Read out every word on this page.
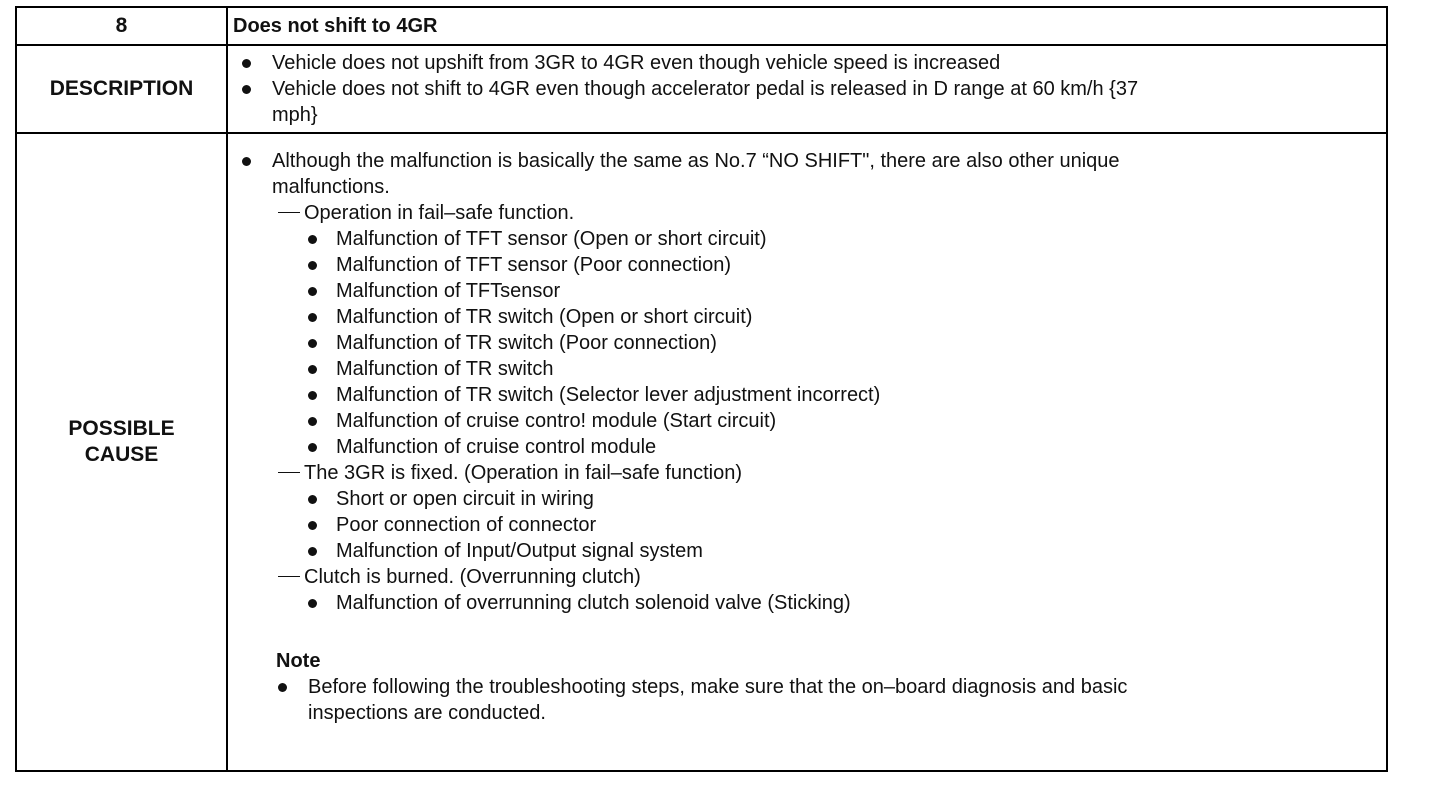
8	Does not shift to 4GR
DESCRIPTION
Vehicle does not upshift from 3GR to 4GR even though vehicle speed is increased
Vehicle does not shift to 4GR even though accelerator pedal is released in D range at 60 km/h {37
mph}
POSSIBLE
CAUSE
Although the malfunction is basically the same as No.7 “NO SHIFT", there are also other unique
malfunctions.
Operation in fail–safe function.
Malfunction of TFT sensor (Open or short circuit)
Malfunction of TFT sensor (Poor connection)
Malfunction of TFTsensor
Malfunction of TR switch (Open or short circuit)
Malfunction of TR switch (Poor connection)
Malfunction of TR switch
Malfunction of TR switch (Selector lever adjustment incorrect)
Malfunction of cruise contro! module (Start circuit)
Malfunction of cruise control module
The 3GR is fixed. (Operation in fail–safe function)
Short or open circuit in wiring
Poor connection of connector
Malfunction of Input/Output signal system
Clutch is burned. (Overrunning clutch)
Malfunction of overrunning clutch solenoid valve (Sticking)
Note
Before following the troubleshooting steps, make sure that the on–board diagnosis and basic
inspections are conducted.
